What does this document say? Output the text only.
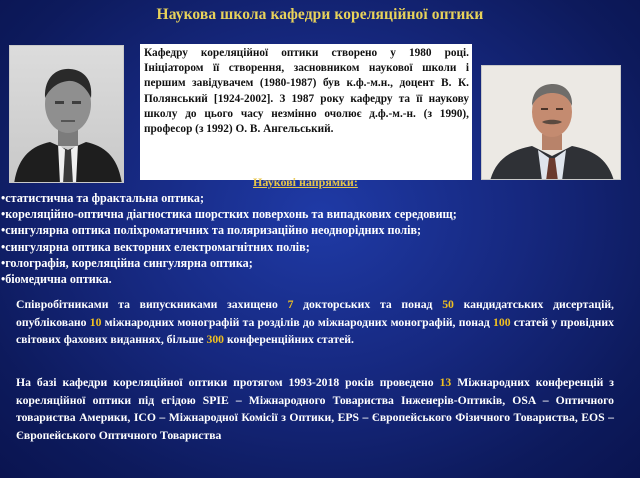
Наукова школа кафедри кореляційної оптики
Кафедру кореляційної оптики створено у 1980 році. Ініціатором її створення, засновником наукової школи і першим завідувачем (1980-1987) був к.ф.-м.н., доцент В. К. Полянський [1924-2002]. З 1987 року кафедру та її наукову школу до цього часу незмінно очолює д.ф.-м.-н. (з 1990), професор (з 1992) О. В. Ангельський.
Наукові напрямки:
• статистична та фрактальна оптика;
• кореляційно-оптична діагностика шорстких поверхонь та випадкових середовищ;
• сингулярна оптика поліхроматичних та поляризаційно неоднорідних полів;
• сингулярна оптика векторних електромагнітних полів;
• голографія, кореляційна сингулярна оптика;
• біомедична оптика.

Співробітниками та випускниками захищено 7 докторських та понад 50 кандидатських дисертацій, опубліковано 10 міжнародних монографій та розділів до міжнародних монографій, понад 100 статей у провідних світових фахових виданнях, більше 300 конференційних статей.

На базі кафедри кореляційної оптики протягом 1993-2018 років проведено 13 Міжнародних конференцій з кореляційної оптики під егідою SPIE – Міжнародного Товариства Інженерів-Оптиків, OSA – Оптичного товариства Америки, ICO – Міжнародної Комісії з Оптики, EPS – Європейського Фізичного Товариства, EOS – Європейського Оптичного Товариства
